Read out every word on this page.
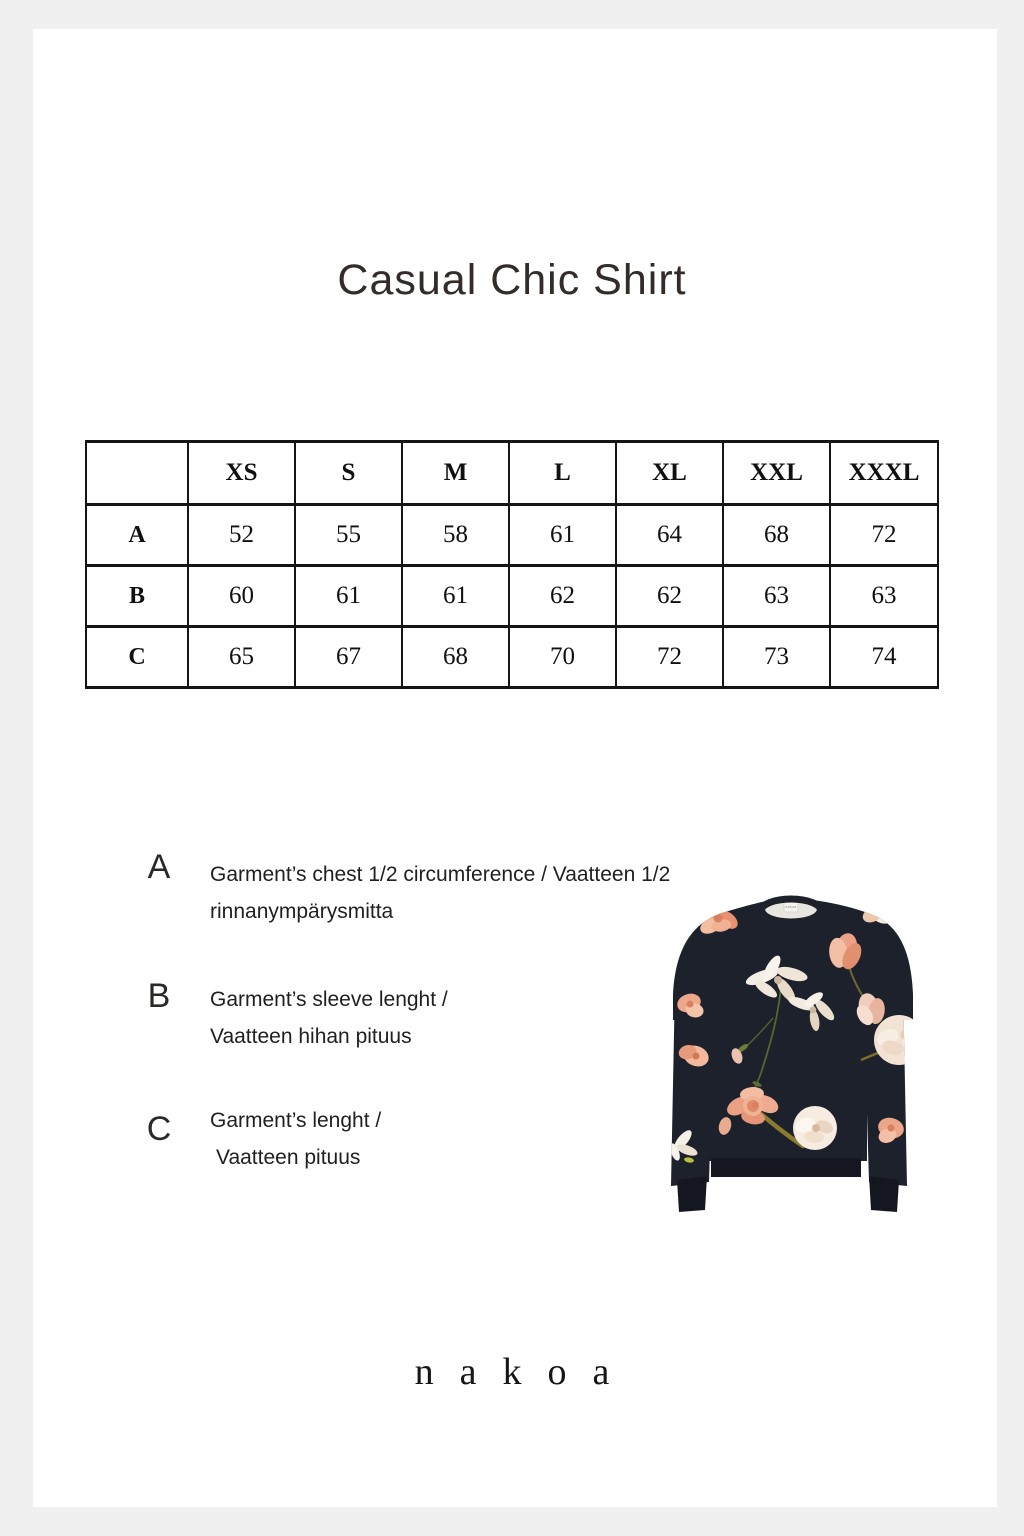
Casual Chic Shirt
	XS	S	M	L	XL	XXL	XXXL
A	52	55	58	61	64	68	72
B	60	61	61	62	62	63	63
C	65	67	68	70	72	73	74
A	Garment’s chest 1/2 circumference / Vaatteen 1/2
rinnanympärysmitta
B	Garment’s sleeve lenght /
Vaatteen hihan pituus
C	Garment’s lenght /
Vaatteen pituus
nakoa
nakoa
